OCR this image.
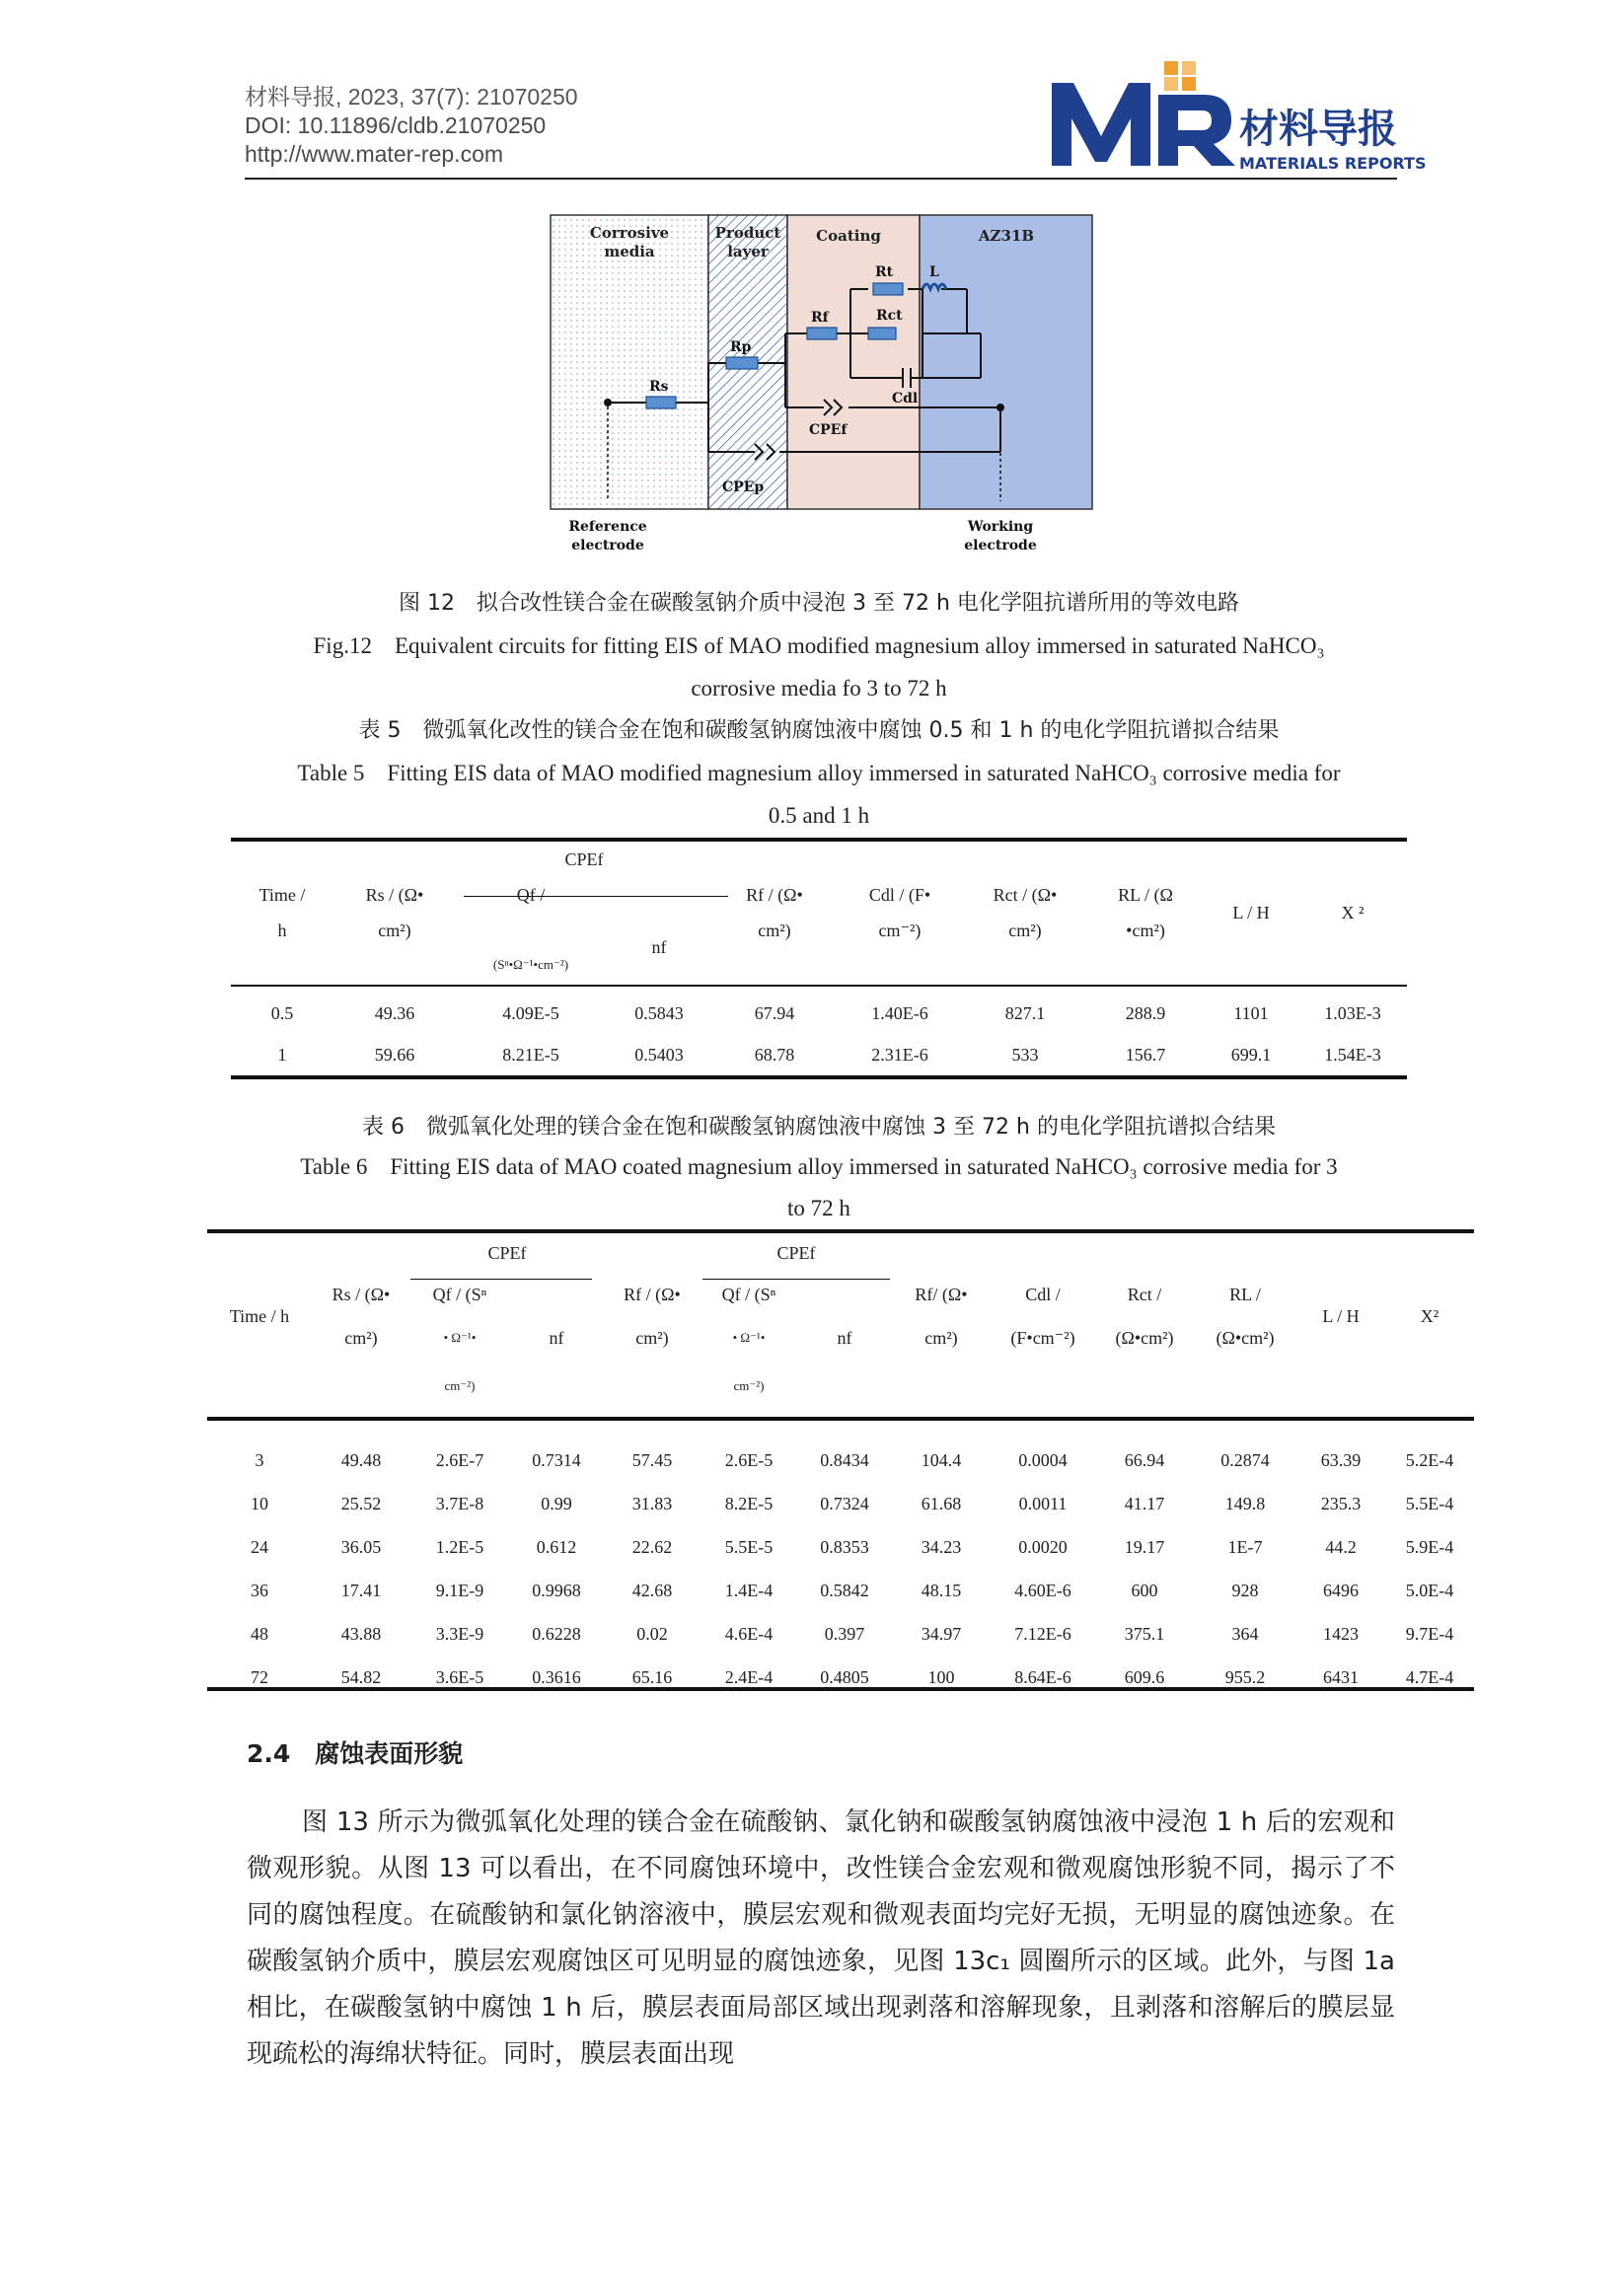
材料导报, 2023, 37(7): 21070250
DOI: 10.11896/cldb.21070250
http://www.mater-rep.com
材料导报
MATERIALS REPORTS
Corrosive
media
Product
layer
Coating	AZ31B
Rs
Rp
Rf
Rt	L
Rct
Cdl
CPEf
CPEp
Reference
electrode
Working
electrode
图 12　拟合改性镁合金在碳酸氢钠介质中浸泡 3 至 72 h 电化学阻抗谱所用的等效电路
Fig.12　Equivalent circuits for fitting EIS of MAO modified magnesium alloy immersed in saturated NaHCO₃
corrosive media fo 3 to 72 h
表 5　微弧氧化改性的镁合金在饱和碳酸氢钠腐蚀液中腐蚀 0.5 和 1 h 的电化学阻抗谱拟合结果
Table 5　Fitting EIS data of MAO modified magnesium alloy immersed in saturated NaHCO₃ corrosive media for
0.5 and 1 h
		CPEf							
Time /	Rs / (Ω•	Qf /		Rf / (Ω•	Cdl / (F•	Rct / (Ω•	RL / (Ω	L / H	X ²
h	cm²)		nf	cm²)	cm⁻²)	cm²)	•cm²)		
		(Sⁿ•Ω⁻¹•cm⁻²)							

0.5	49.36	4.09E-5	0.5843	67.94	1.40E-6	827.1	288.9	1101	1.03E-3
1	59.66	8.21E-5	0.5403	68.78	2.31E-6	533	156.7	699.1	1.54E-3
表 6　微弧氧化处理的镁合金在饱和碳酸氢钠腐蚀液中腐蚀 3 至 72 h 的电化学阻抗谱拟合结果
Table 6　Fitting EIS data of MAO coated magnesium alloy immersed in saturated NaHCO₃ corrosive media for 3
to 72 h
		CPEf			CPEf							
Time / h	Rs / (Ω•	Qf / (Sⁿ		Rf / (Ω•	Qf / (Sⁿ		Rf/ (Ω•	Cdl /	Rct /	RL /	L / H	X²
	cm²)	• Ω⁻¹•	nf	cm²)	• Ω⁻¹•	nf	cm²)	(F•cm⁻²)	(Ω•cm²)	(Ω•cm²)		
		cm⁻²)			cm⁻²)							

3	49.48	2.6E-7	0.7314	57.45	2.6E-5	0.8434	104.4	0.0004	66.94	0.2874	63.39	5.2E-4
10	25.52	3.7E-8	0.99	31.83	8.2E-5	0.7324	61.68	0.0011	41.17	149.8	235.3	5.5E-4
24	36.05	1.2E-5	0.612	22.62	5.5E-5	0.8353	34.23	0.0020	19.17	1E-7	44.2	5.9E-4
36	17.41	9.1E-9	0.9968	42.68	1.4E-4	0.5842	48.15	4.60E-6	600	928	6496	5.0E-4
48	43.88	3.3E-9	0.6228	0.02	4.6E-4	0.397	34.97	7.12E-6	375.1	364	1423	9.7E-4
72	54.82	3.6E-5	0.3616	65.16	2.4E-4	0.4805	100	8.64E-6	609.6	955.2	6431	4.7E-4
2.4　腐蚀表面形貌
图 13 所示为微弧氧化处理的镁合金在硫酸钠、氯化钠和碳酸氢钠腐蚀液中浸泡 1 h 后的宏观和微观形貌。从图 13 可以看出，在不同腐蚀环境中，改性镁合金宏观和微观腐蚀形貌不同，揭示了不同的腐蚀程度。在硫酸钠和氯化钠溶液中，膜层宏观和微观表面均完好无损，无明显的腐蚀迹象。在碳酸氢钠介质中，膜层宏观腐蚀区可见明显的腐蚀迹象，见图 13c₁ 圆圈所示的区域。此外，与图 1a 相比，在碳酸氢钠中腐蚀 1 h 后，膜层表面局部区域出现剥落和溶解现象，且剥落和溶解后的膜层显现疏松的海绵状特征。同时，膜层表面出现
